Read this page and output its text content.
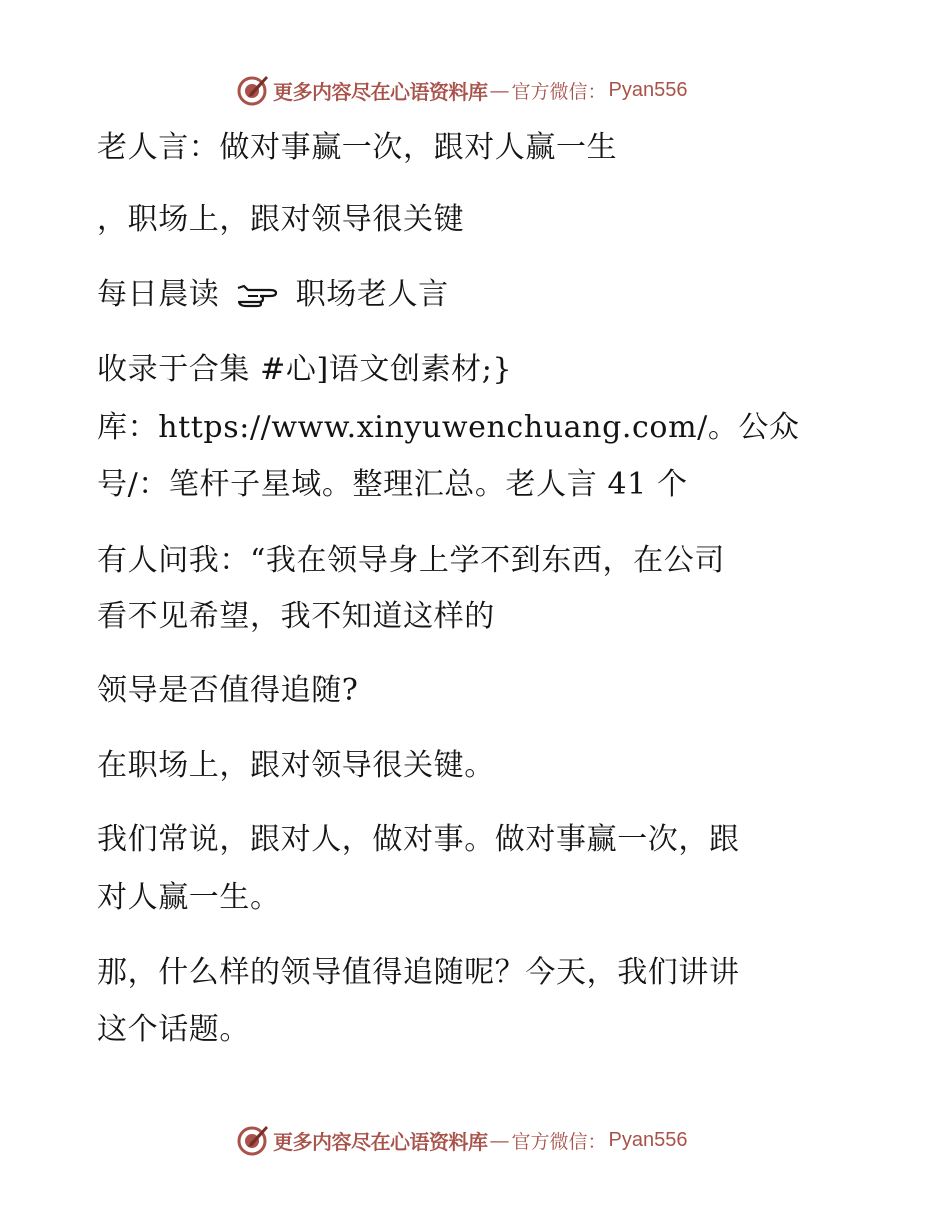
更多内容尽在心语资料库 — 官方微信： Pyan556
老人言：做对事赢一次，跟对人赢一生
，职场上，跟对领导很关键
每日晨读  职场老人言
收录于合集 #心]语文创素材;}
库：https://www.xinyuwenchuang.com/。公众
号/：笔杆子星域。整理汇总。老人言 41 个
有人问我：“我在领导身上学不到东西，在公司
看不见希望，我不知道这样的
领导是否值得追随?
在职场上，跟对领导很关键。
我们常说，跟对人，做对事。做对事赢一次，跟
对人赢一生。
那，什么样的领导值得追随呢？今天，我们讲讲
这个话题。
更多内容尽在心语资料库 — 官方微信： Pyan556
